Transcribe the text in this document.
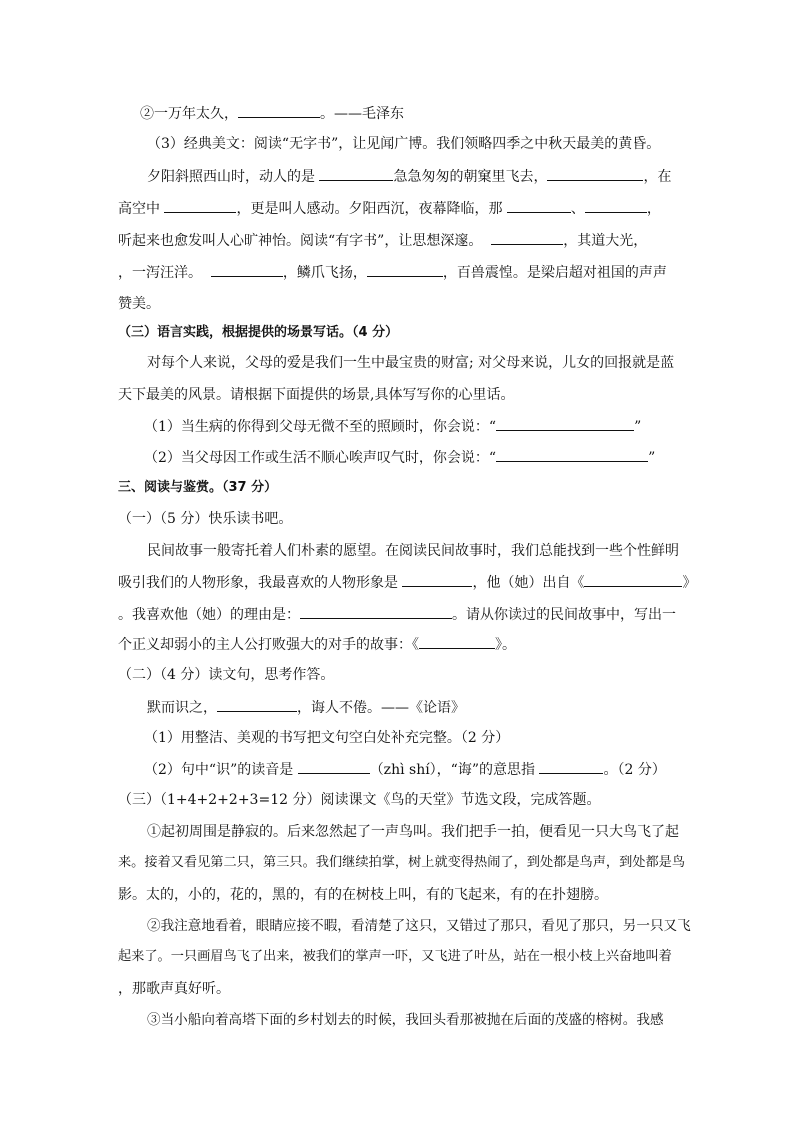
②一万年太久，	。——毛泽东
（3）经典美文：阅读“无字书”，让见闻广博。我们领略四季之中秋天最美的黄昏。
夕阳斜照西山时，动人的是	急急匆匆的朝窠里飞去，	，在
高空中	，更是叫人感动。夕阳西沉，夜幕降临，那	、	，
听起来也愈发叫人心旷神怡。阅读“有字书”，让思想深邃。	，其道大光，
，一泻汪洋。	，鳞爪飞扬，	，百兽震惶。是梁启超对祖国的声声
赞美。
（三）语言实践，根据提供的场景写话。（4 分）
对每个人来说，父母的爱是我们一生中最宝贵的财富; 对父母来说，儿女的回报就是蓝
天下最美的风景。请根据下面提供的场景,具体写写你的心里话。
（1）当生病的你得到父母无微不至的照顾时，你会说：“	”
（2）当父母因工作或生活不顺心唉声叹气时，你会说：“	”
三、阅读与鉴赏。（37 分）
（一）（5 分）快乐读书吧。
民间故事一般寄托着人们朴素的愿望。在阅读民间故事时，我们总能找到一些个性鲜明
吸引我们的人物形象，我最喜欢的人物形象是	，他（她）出自《	》
。我喜欢他（她）的理由是：	。请从你读过的民间故事中，写出一
个正义却弱小的主人公打败强大的对手的故事：《	》。
（二）（4 分）读文句，思考作答。
默而识之，	，诲人不倦。——《论语》
（1）用整洁、美观的书写把文句空白处补充完整。（2 分）
（2）句中“识”的读音是	（zhì shí），“诲”的意思指	。（2 分）
（三）（1+4+2+2+3=12 分）阅读课文《鸟的天堂》节选文段，完成答题。
①起初周围是静寂的。后来忽然起了一声鸟叫。我们把手一拍，便看见一只大鸟飞了起
来。接着又看见第二只，第三只。我们继续拍掌，树上就变得热闹了，到处都是鸟声，到处都是鸟
影。太的，小的，花的，黑的，有的在树枝上叫，有的飞起来，有的在扑翅膀。
②我注意地看着，眼睛应接不暇，看清楚了这只，又错过了那只，看见了那只，另一只又飞
起来了。一只画眉鸟飞了出来，被我们的掌声一吓，又飞进了叶丛，站在一根小枝上兴奋地叫着
，那歌声真好听。
③当小船向着高塔下面的乡村划去的时候，我回头看那被抛在后面的茂盛的榕树。我感
